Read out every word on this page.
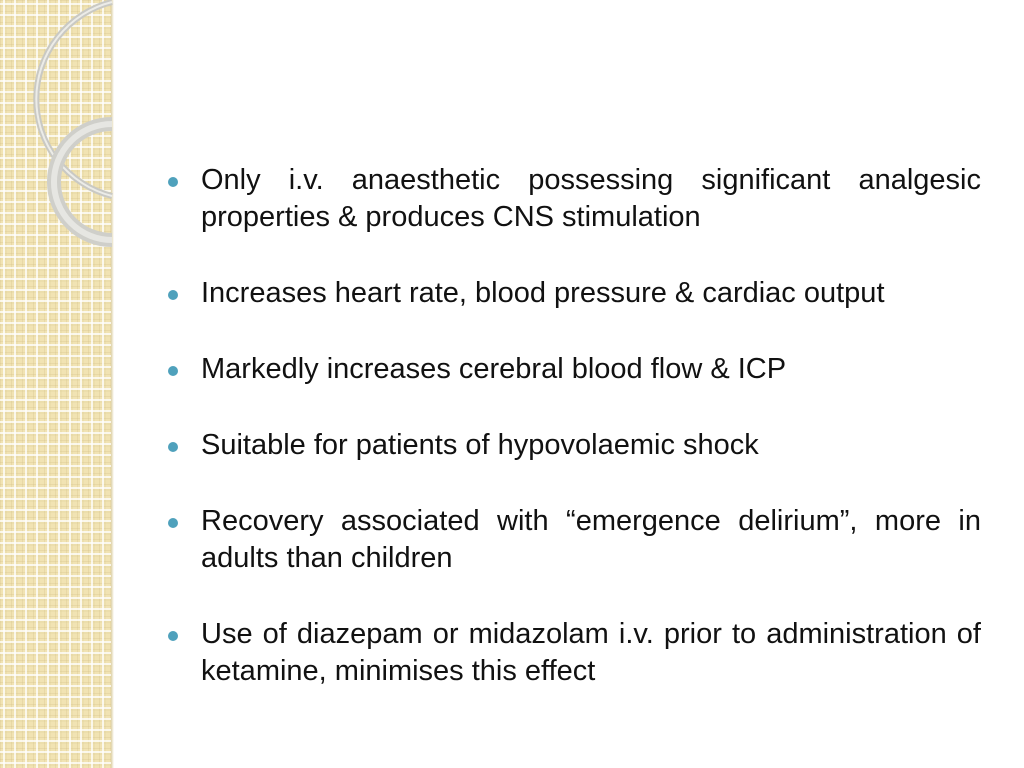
Only i.v. anaesthetic possessing significant analgesic properties & produces CNS stimulation
Increases heart rate, blood pressure & cardiac output
Markedly increases cerebral blood flow & ICP
Suitable for patients of hypovolaemic shock
Recovery associated with “emergence delirium”, more in adults than children
Use of diazepam or midazolam i.v. prior to administration of ketamine, minimises this effect
